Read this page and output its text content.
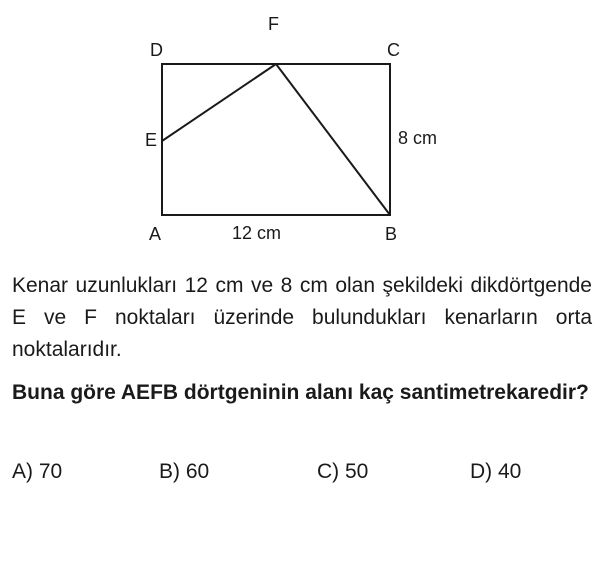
F
D	C
E
A	B
12 cm
8 cm

Kenar uzunlukları 12 cm ve 8 cm olan şekildeki dikdörtgende E ve F noktaları üzerinde bulundukları kenarların orta noktalarıdır.

Buna göre AEFB dörtgeninin alanı kaç santimetrekaredir?

A) 70	B) 60	C) 50	D) 40
